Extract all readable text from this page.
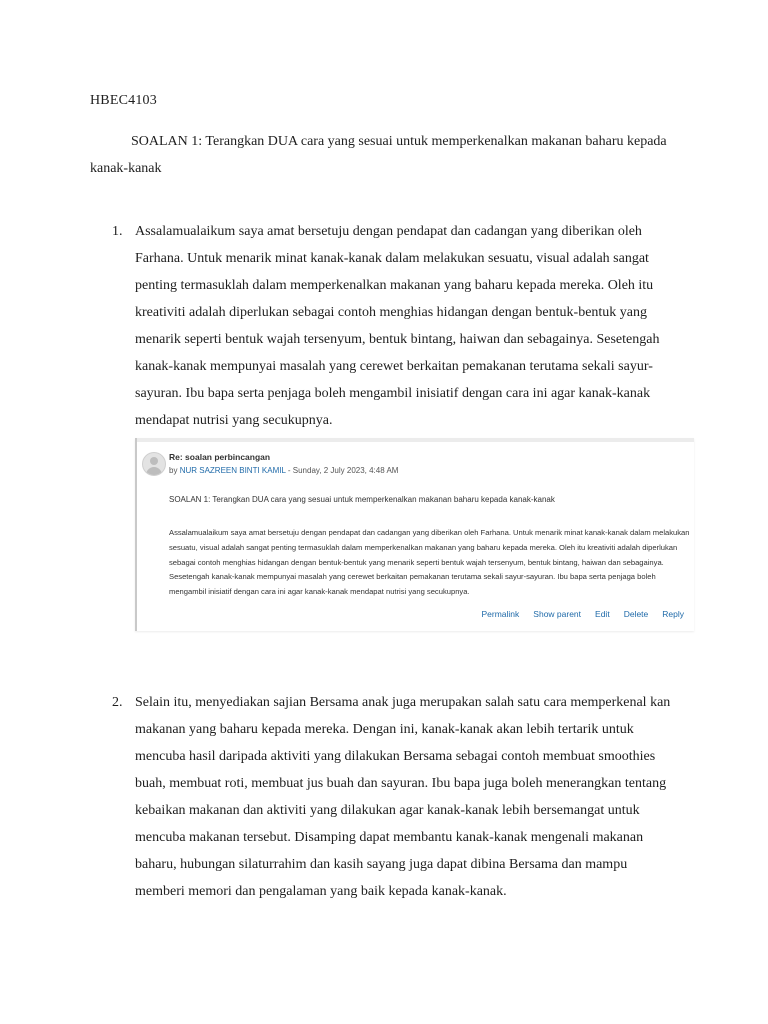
HBEC4103
SOALAN 1: Terangkan DUA cara yang sesuai untuk memperkenalkan makanan baharu kepada kanak-kanak
1. Assalamualaikum saya amat bersetuju dengan pendapat dan cadangan yang diberikan oleh Farhana. Untuk menarik minat kanak-kanak dalam melakukan sesuatu, visual adalah sangat penting termasuklah dalam memperkenalkan makanan yang baharu kepada mereka. Oleh itu kreativiti adalah diperlukan sebagai contoh menghias hidangan dengan bentuk-bentuk yang menarik seperti bentuk wajah tersenyum, bentuk bintang, haiwan dan sebagainya. Sesetengah kanak-kanak mempunyai masalah yang cerewet berkaitan pemakanan terutama sekali sayur-sayuran. Ibu bapa serta penjaga boleh mengambil inisiatif dengan cara ini agar kanak-kanak mendapat nutrisi yang secukupnya.
Re: soalan perbincangan
by NUR SAZREEN BINTI KAMIL - Sunday, 2 July 2023, 4:48 AM
SOALAN 1: Terangkan DUA cara yang sesuai untuk memperkenalkan makanan baharu kepada kanak-kanak
Assalamualaikum saya amat bersetuju dengan pendapat dan cadangan yang diberikan oleh Farhana. Untuk menarik minat kanak-kanak dalam melakukan sesuatu, visual adalah sangat penting termasuklah dalam memperkenalkan makanan yang baharu kepada mereka. Oleh itu kreativiti adalah diperlukan sebagai contoh menghias hidangan dengan bentuk-bentuk yang menarik seperti bentuk wajah tersenyum, bentuk bintang, haiwan dan sebagainya. Sesetengah kanak-kanak mempunyai masalah yang cerewet berkaitan pemakanan terutama sekali sayur-sayuran. Ibu bapa serta penjaga boleh mengambil inisiatif dengan cara ini agar kanak-kanak mendapat nutrisi yang secukupnya.
Permalink Show parent Edit Delete Reply
2. Selain itu, menyediakan sajian Bersama anak juga merupakan salah satu cara memperkenal kan makanan yang baharu kepada mereka. Dengan ini, kanak-kanak akan lebih tertarik untuk mencuba hasil daripada aktiviti yang dilakukan Bersama sebagai contoh membuat smoothies buah, membuat roti, membuat jus buah dan sayuran. Ibu bapa juga boleh menerangkan tentang kebaikan makanan dan aktiviti yang dilakukan agar kanak-kanak lebih bersemangat untuk mencuba makanan tersebut. Disamping dapat membantu kanak-kanak mengenali makanan baharu, hubungan silaturrahim dan kasih sayang juga dapat dibina Bersama dan mampu memberi memori dan pengalaman yang baik kepada kanak-kanak.
